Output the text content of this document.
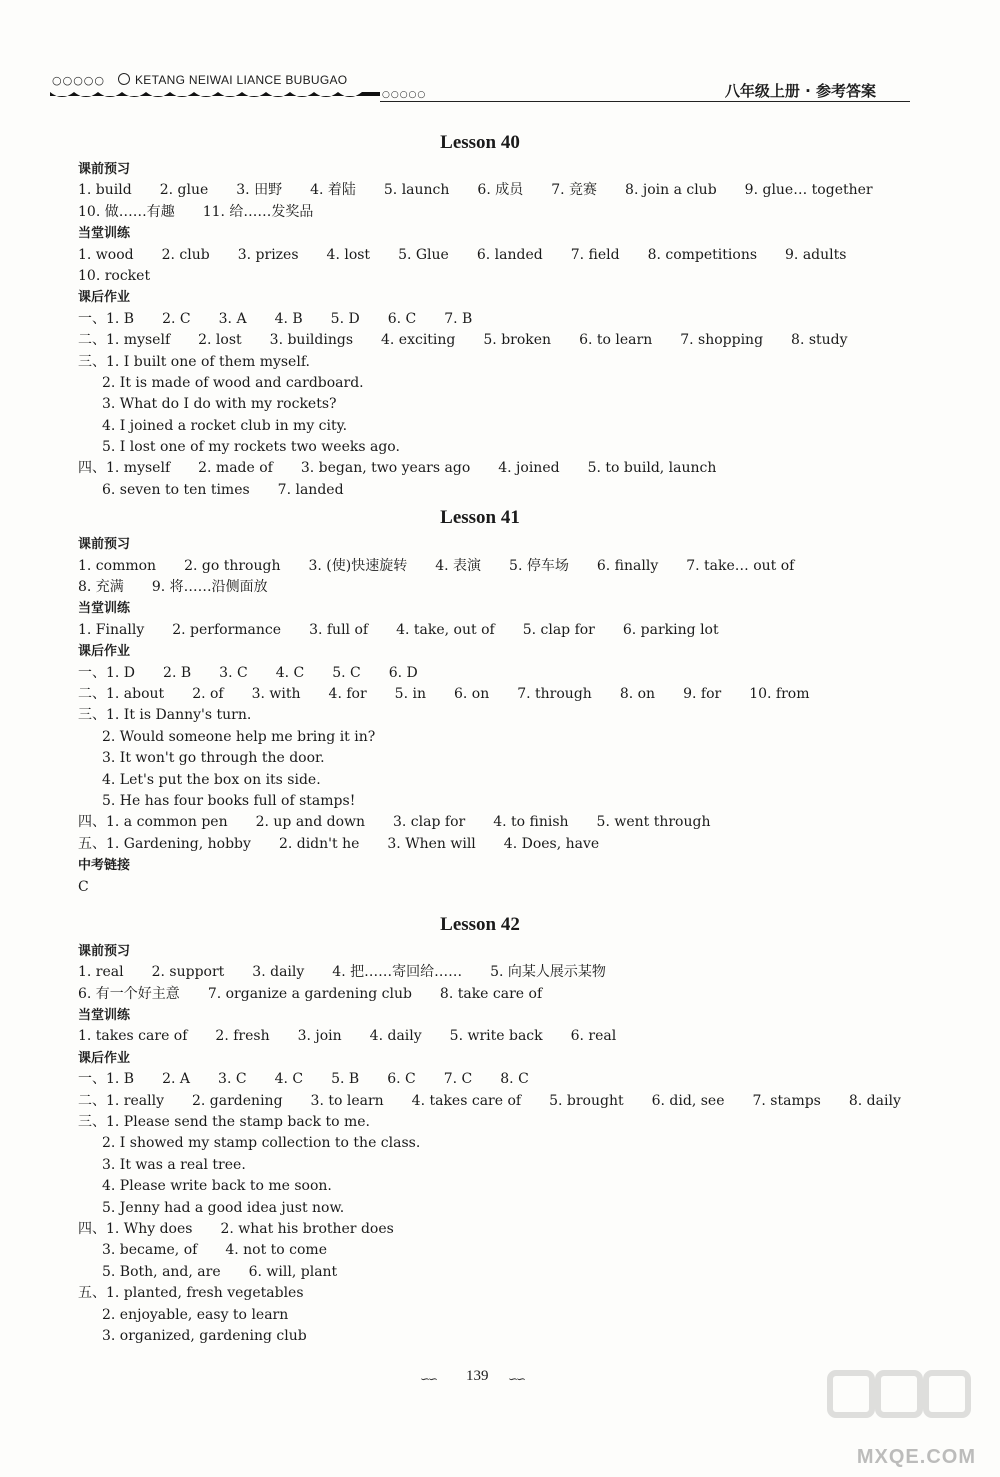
○○○○○	KETANG NEIWAI LIANCE BUBUGAO
○○○○○	八年级上册 · 参考答案
Lesson 40
课前预习
1. build 2. glue 3. 田野 4. 着陆 5. launch 6. 成员 7. 竞赛 8. join a club 9. glue… together
10. 做……有趣 11. 给……发奖品
当堂训练
1. wood 2. club 3. prizes 4. lost 5. Glue 6. landed 7. field 8. competitions 9. adults
10. rocket
课后作业
一、1. B 2. C 3. A 4. B 5. D 6. C 7. B
二、1. myself 2. lost 3. buildings 4. exciting 5. broken 6. to learn 7. shopping 8. study
三、1. I built one of them myself.
2. It is made of wood and cardboard.
3. What do I do with my rockets?
4. I joined a rocket club in my city.
5. I lost one of my rockets two weeks ago.
四、1. myself 2. made of 3. began, two years ago 4. joined 5. to build, launch
6. seven to ten times 7. landed
Lesson 41
课前预习
1. common 2. go through 3. (使)快速旋转 4. 表演 5. 停车场 6. finally 7. take… out of
8. 充满 9. 将……沿侧面放
当堂训练
1. Finally 2. performance 3. full of 4. take, out of 5. clap for 6. parking lot
课后作业
一、1. D 2. B 3. C 4. C 5. C 6. D
二、1. about 2. of 3. with 4. for 5. in 6. on 7. through 8. on 9. for 10. from
三、1. It is Danny's turn.
2. Would someone help me bring it in?
3. It won't go through the door.
4. Let's put the box on its side.
5. He has four books full of stamps!
四、1. a common pen 2. up and down 3. clap for 4. to finish 5. went through
五、1. Gardening, hobby 2. didn't he 3. When will 4. Does, have
中考链接
C
Lesson 42
课前预习
1. real 2. support 3. daily 4. 把……寄回给…… 5. 向某人展示某物
6. 有一个好主意 7. organize a gardening club 8. take care of
当堂训练
1. takes care of 2. fresh 3. join 4. daily 5. write back 6. real
课后作业
一、1. B 2. A 3. C 4. C 5. B 6. C 7. C 8. C
二、1. really 2. gardening 3. to learn 4. takes care of 5. brought 6. did, see 7. stamps 8. daily
三、1. Please send the stamp back to me.
2. I showed my stamp collection to the class.
3. It was a real tree.
4. Please write back to me soon.
5. Jenny had a good idea just now.
四、1. Why does 2. what his brother does
3. became, of 4. not to come
5. Both, and, are 6. will, plant
五、1. planted, fresh vegetables
2. enjoyable, easy to learn
3. organized, gardening club
∽∽ 139 ∽∽
MXQE.COM
